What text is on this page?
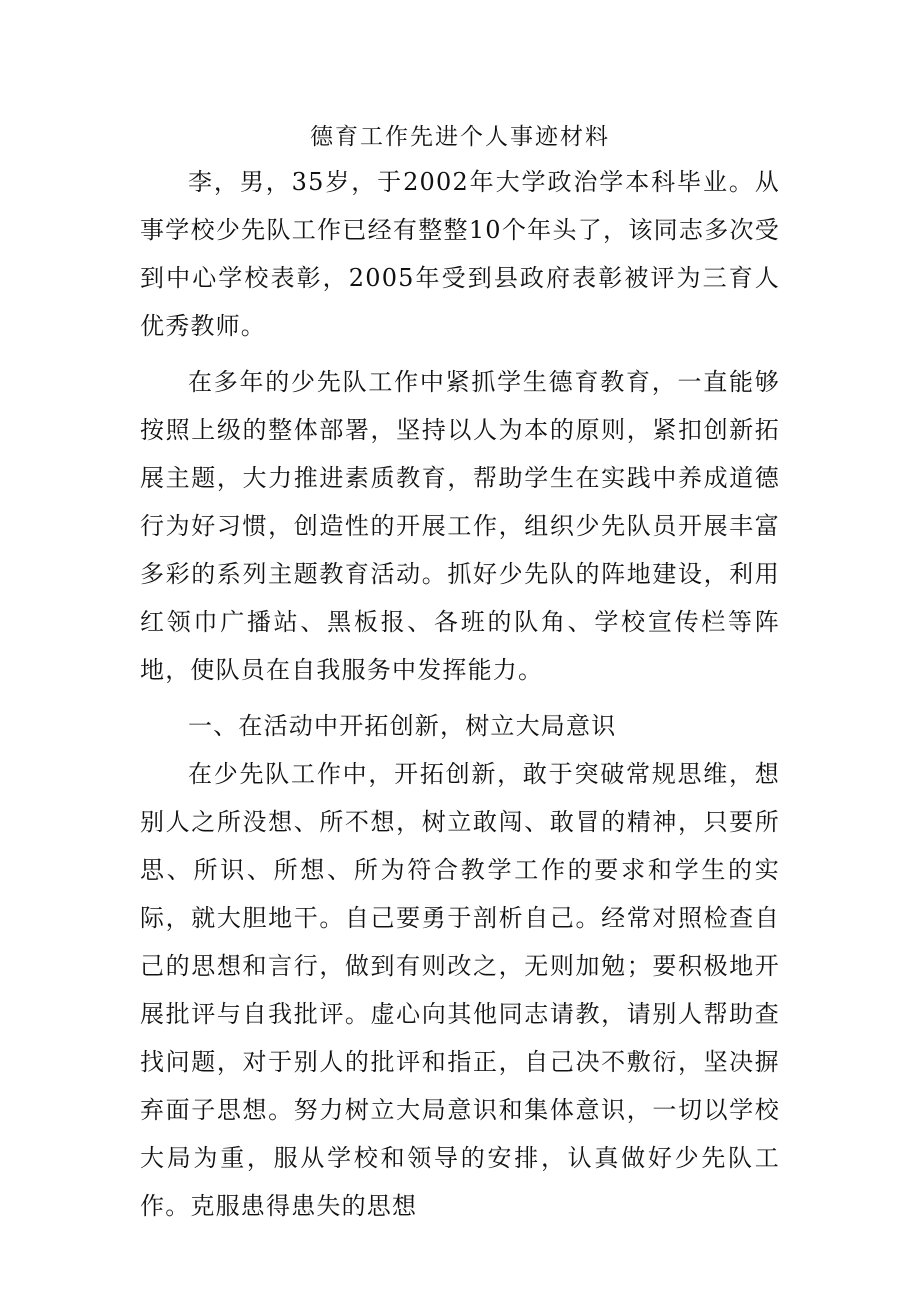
德育工作先进个人事迹材料

李，男，35岁，于2002年大学政治学本科毕业。从事学校少先队工作已经有整整10个年头了，该同志多次受到中心学校表彰，2005年受到县政府表彰被评为三育人优秀教师。

在多年的少先队工作中紧抓学生德育教育，一直能够按照上级的整体部署，坚持以人为本的原则，紧扣创新拓展主题，大力推进素质教育，帮助学生在实践中养成道德行为好习惯，创造性的开展工作，组织少先队员开展丰富多彩的系列主题教育活动。抓好少先队的阵地建设，利用红领巾广播站、黑板报、各班的队角、学校宣传栏等阵地，使队员在自我服务中发挥能力。

一、在活动中开拓创新，树立大局意识

在少先队工作中，开拓创新，敢于突破常规思维，想别人之所没想、所不想，树立敢闯、敢冒的精神，只要所思、所识、所想、所为符合教学工作的要求和学生的实际，就大胆地干。自己要勇于剖析自己。经常对照检查自己的思想和言行，做到有则改之，无则加勉；要积极地开展批评与自我批评。虚心向其他同志请教，请别人帮助查找问题，对于别人的批评和指正，自己决不敷衍，坚决摒弃面子思想。努力树立大局意识和集体意识，一切以学校大局为重，服从学校和领导的安排，认真做好少先队工作。克服患得患失的思想
